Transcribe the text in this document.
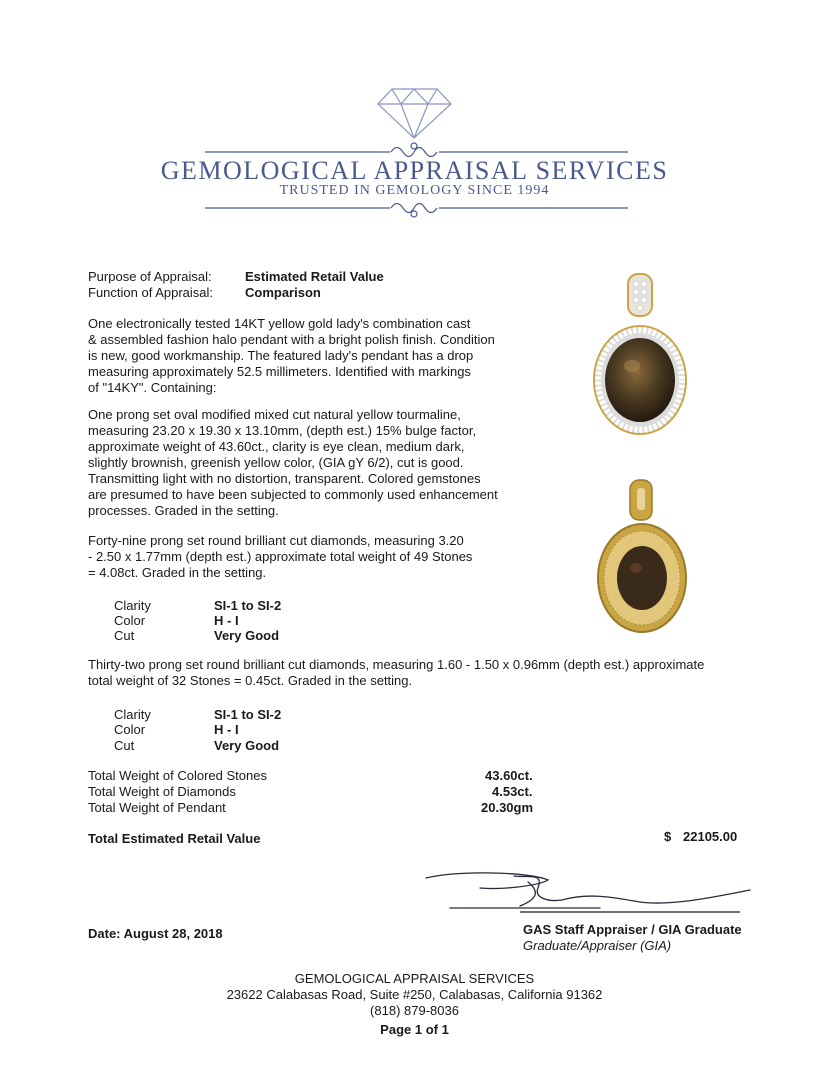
GEMOLOGICAL APPRAISAL SERVICES
TRUSTED IN GEMOLOGY SINCE 1994
Purpose of Appraisal:	Estimated Retail Value
Function of Appraisal: Comparison
One electronically tested 14KT yellow gold lady's combination cast
& assembled fashion halo pendant with a bright polish finish. Condition
is new, good workmanship. The featured lady's pendant has a drop
measuring approximately 52.5 millimeters. Identified with markings
of "14KY". Containing:
One prong set oval modified mixed cut natural yellow tourmaline,
measuring 23.20 x 19.30 x 13.10mm, (depth est.) 15% bulge factor,
approximate weight of 43.60ct., clarity is eye clean, medium dark,
slightly brownish, greenish yellow color, (GIA gY 6/2), cut is good.
Transmitting light with no distortion, transparent. Colored gemstones
are presumed to have been subjected to commonly used enhancement
processes. Graded in the setting.
Forty-nine prong set round brilliant cut diamonds, measuring 3.20
- 2.50 x 1.77mm (depth est.) approximate total weight of 49 Stones
= 4.08ct. Graded in the setting.
Clarity	SI-1 to SI-2
Color	H - I
Cut	Very Good
Thirty-two prong set round brilliant cut diamonds, measuring 1.60 - 1.50 x 0.96mm (depth est.) approximate
total weight of 32 Stones = 0.45ct. Graded in the setting.
Clarity	SI-1 to SI-2
Color	H - I
Cut	Very Good
Total Weight of Colored Stones	43.60ct.
Total Weight of Diamonds	4.53ct.
Total Weight of Pendant	20.30gm
Total Estimated Retail Value	$ 22105.00
Date: August 28, 2018	GAS Staff Appraiser / GIA Graduate
Graduate/Appraiser (GIA)
GEMOLOGICAL APPRAISAL SERVICES
23622 Calabasas Road, Suite #250, Calabasas, California 91362
(818) 879-8036
Page 1 of 1
